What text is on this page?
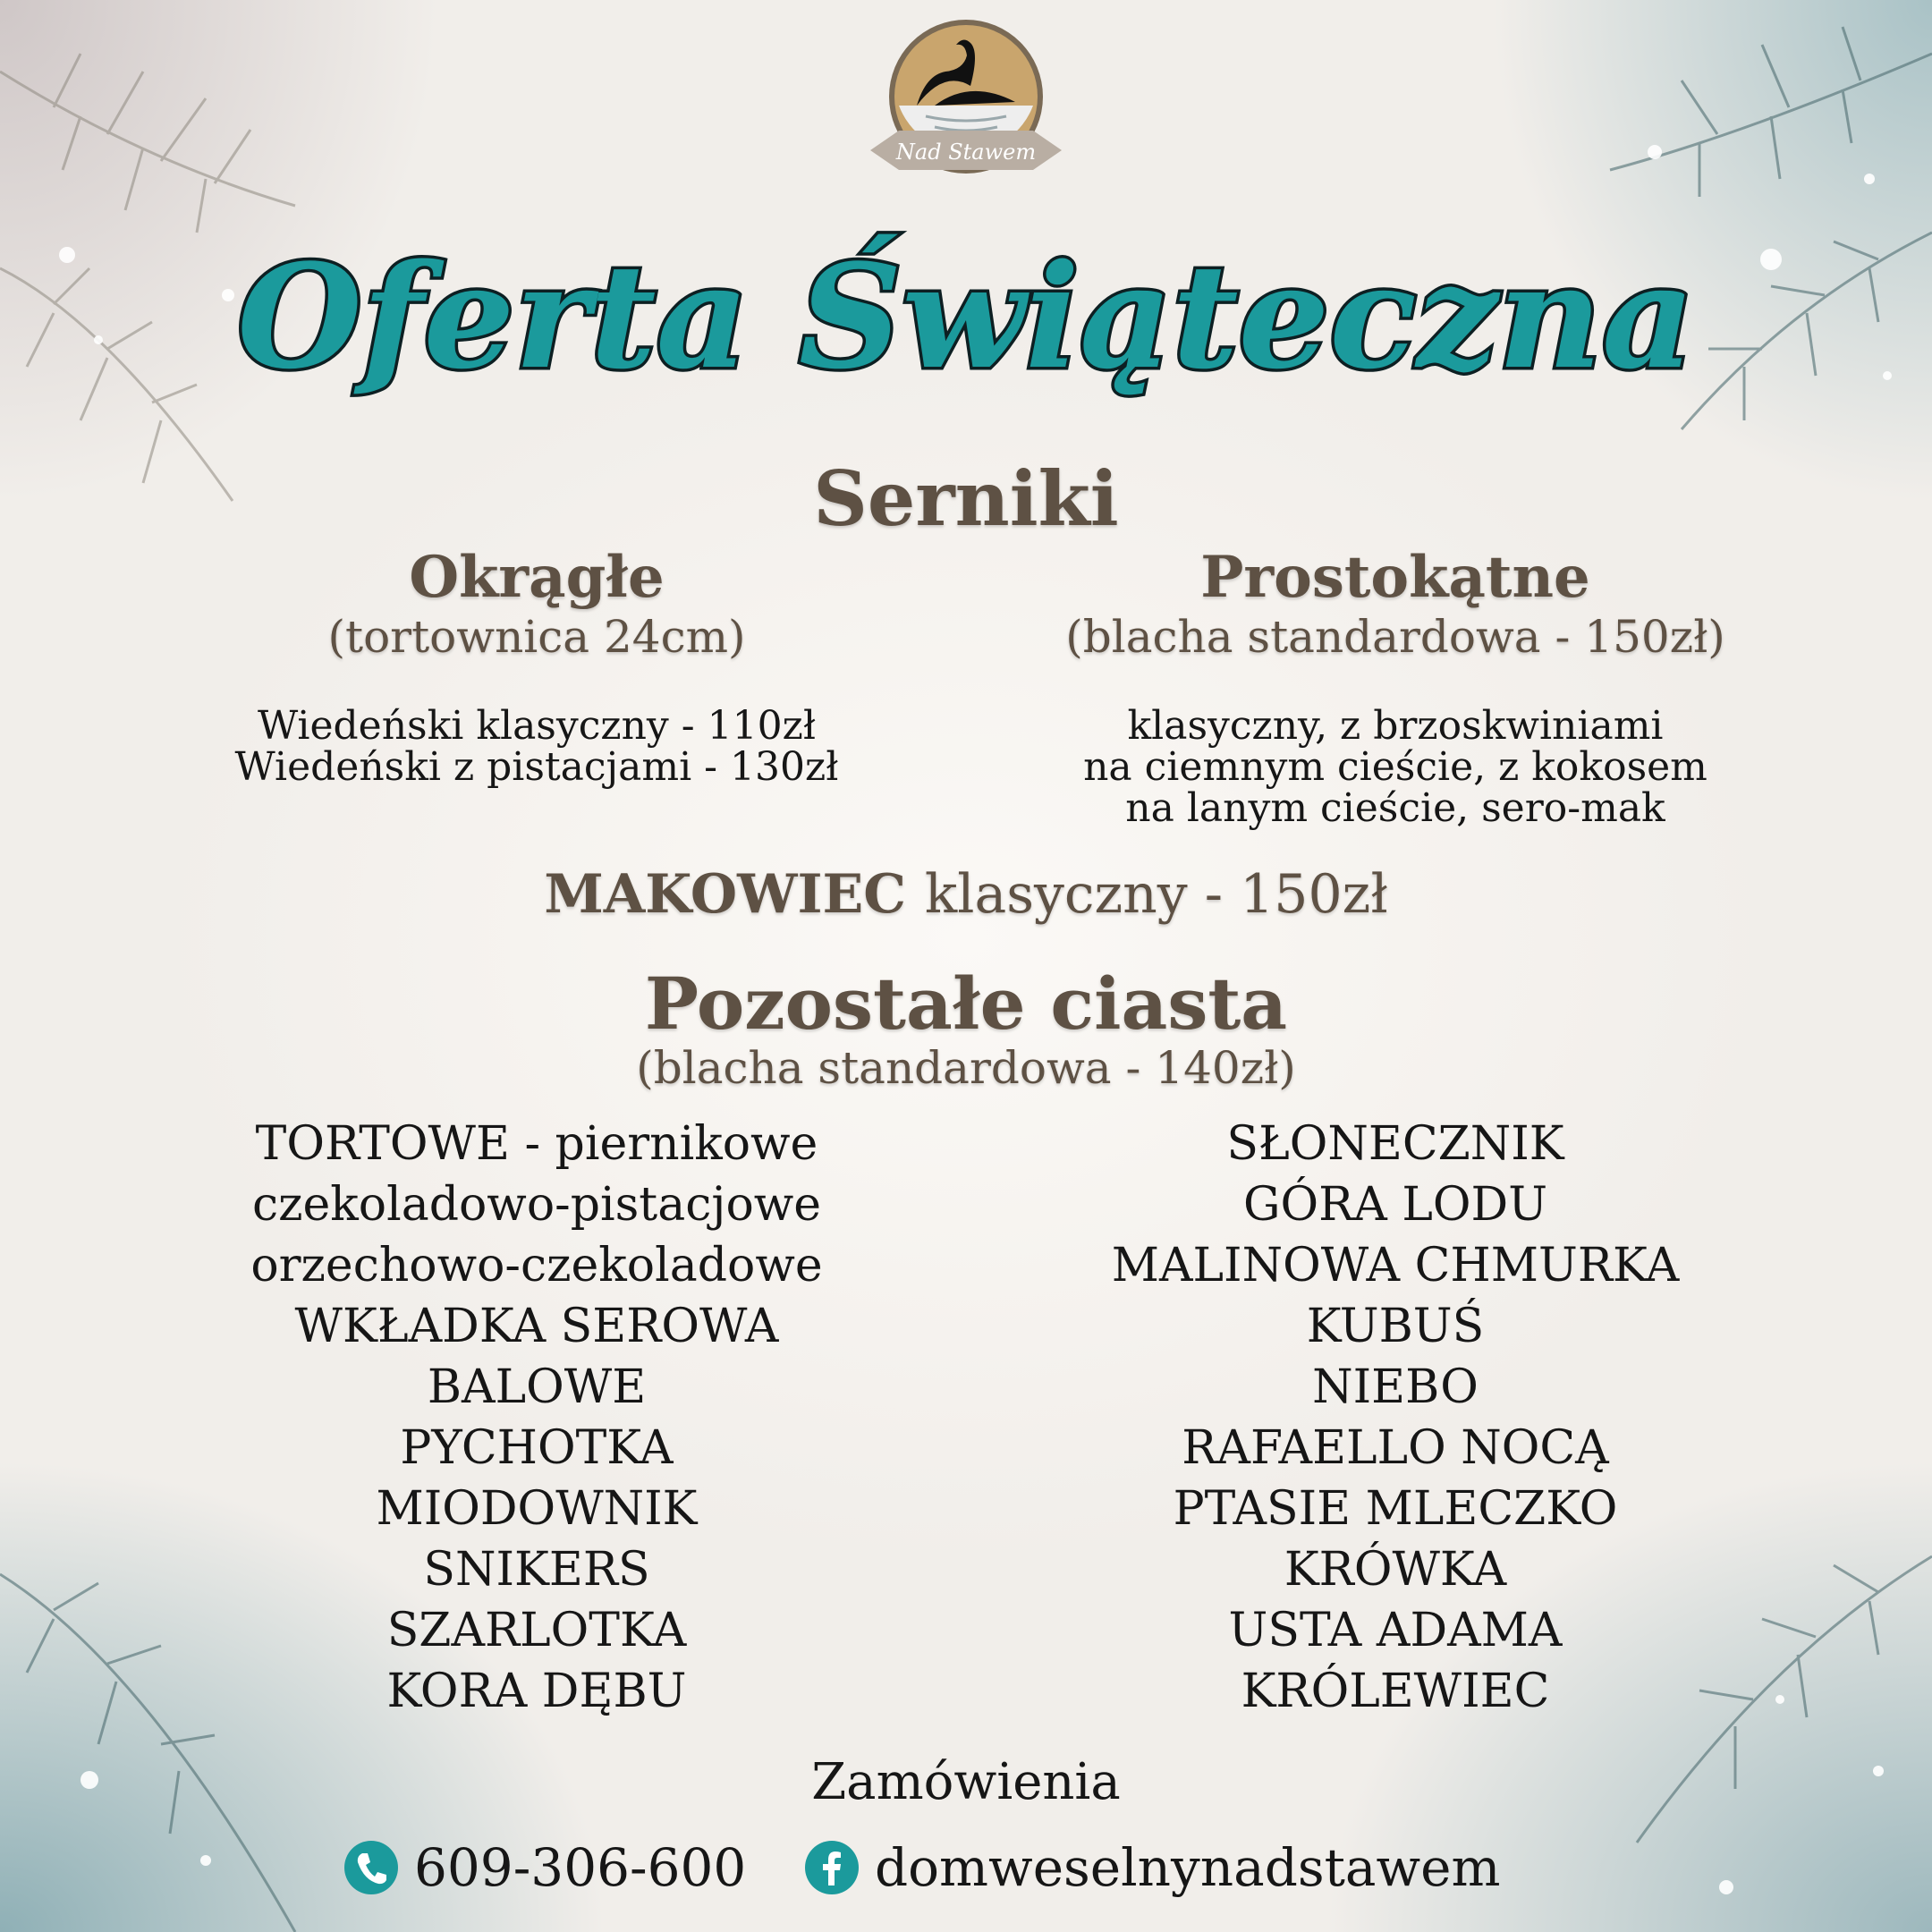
Nad Stawem
Oferta Świąteczna
Serniki
Okrągłe
(tortownica 24cm)
Wiedeński klasyczny - 110zł
Wiedeński z pistacjami - 130zł
Prostokątne
(blacha standardowa - 150zł)
klasyczny, z brzoskwiniami
na ciemnym cieście, z kokosem
na lanym cieście, sero-mak
MAKOWIEC klasyczny - 150zł
Pozostałe ciasta
(blacha standardowa - 140zł)
TORTOWE - piernikowe
czekoladowo-pistacjowe
orzechowo-czekoladowe
WKŁADKA SEROWA
BALOWE
PYCHOTKA
MIODOWNIK
SNIKERS
SZARLOTKA
KORA DĘBU
SŁONECZNIK
GÓRA LODU
MALINOWA CHMURKA
KUBUŚ
NIEBO
RAFAELLO NOCĄ
PTASIE MLECZKO
KRÓWKA
USTA ADAMA
KRÓLEWIEC
Zamówienia
609-306-600 domweselnynadstawem
